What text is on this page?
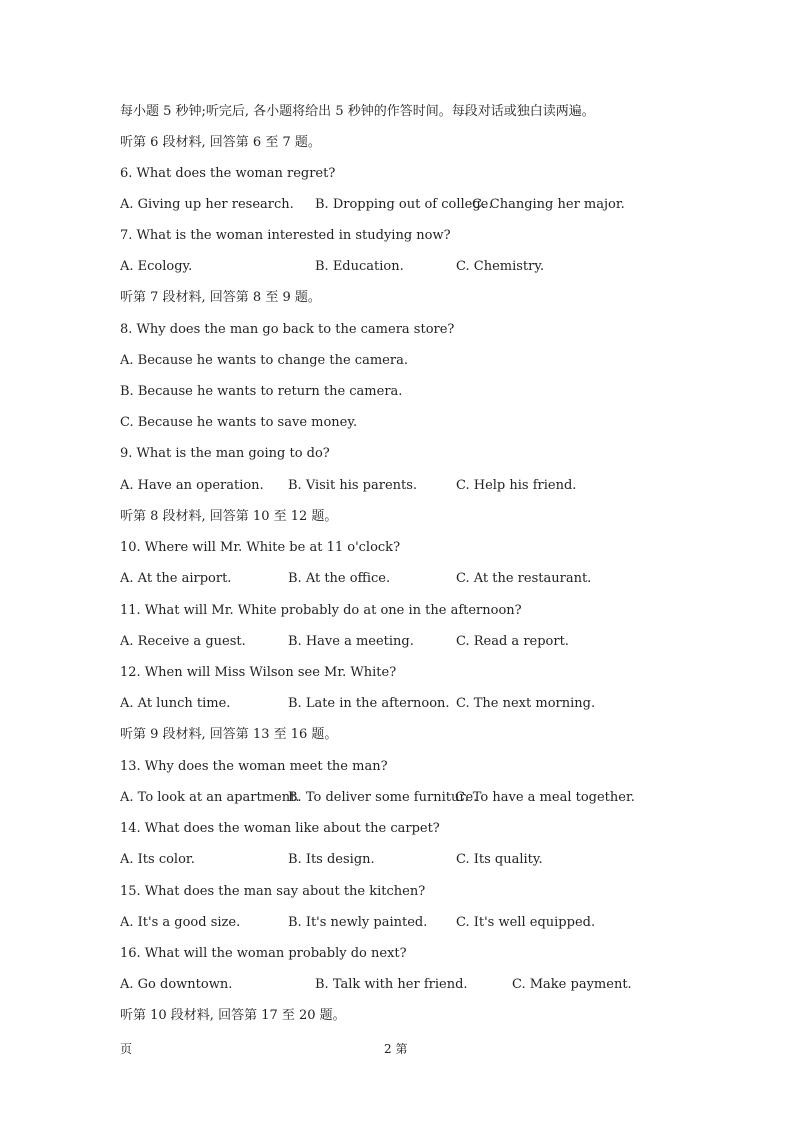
每小题 5 秒钟;听完后, 各小题将给出 5 秒钟的作答时间。每段对话或独白读两遍。
听第 6 段材料, 回答第 6 至 7 题。
6. What does the woman regret?
A. Giving up her research. B. Dropping out of college.
C. Changing her major.
7. What is the woman interested in studying now?
A. Ecology.	B. Education.	C. Chemistry.
听第 7 段材料, 回答第 8 至 9 题。
8. Why does the man go back to the camera store?
A. Because he wants to change the camera.
B. Because he wants to return the camera.
C. Because he wants to save money.
9. What is the man going to do?
A. Have an operation. B. Visit his parents.	C. Help his friend.
听第 8 段材料, 回答第 10 至 12 题。
10. Where will Mr. White be at 11 o'clock?
A. At the airport.	B. At the office.	C. At the restaurant.
11. What will Mr. White probably do at one in the afternoon?
A. Receive a guest.	B. Have a meeting.	C. Read a report.
12. When will Miss Wilson see Mr. White?
A. At lunch time.	B. Late in the afternoon. C. The next morning.
听第 9 段材料, 回答第 13 至 16 题。
13. Why does the woman meet the man?
A. To look at an apartment.
B. To deliver some furniture.
C. To have a meal together.
14. What does the woman like about the carpet?
A. Its color.	B. Its design.	C. Its quality.
15. What does the man say about the kitchen?
A. It's a good size.	B. It's newly painted. C. It's well equipped.
16. What will the woman probably do next?
A. Go downtown.	B. Talk with her friend.	C. Make payment.
听第 10 段材料, 回答第 17 至 20 题。
页	2 第
